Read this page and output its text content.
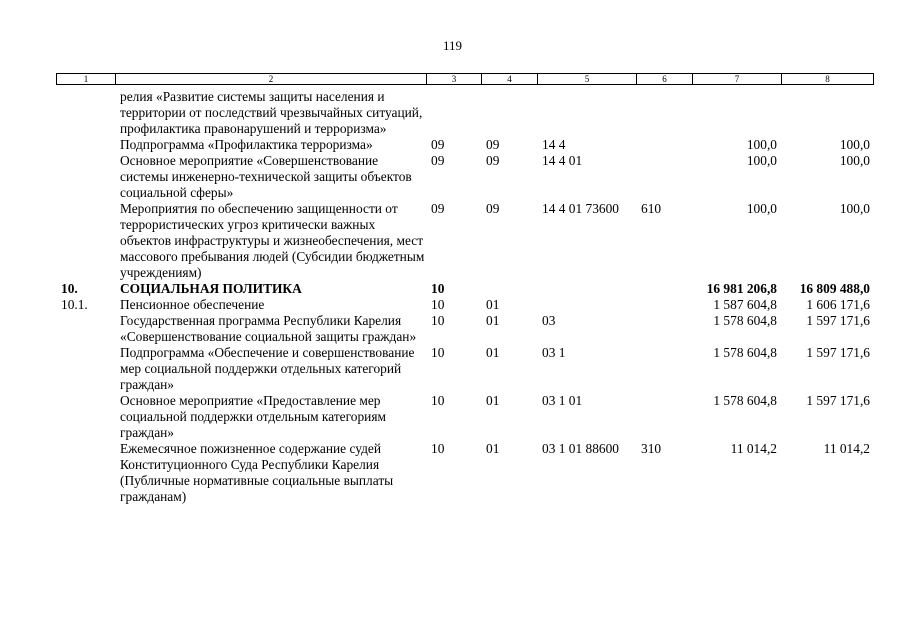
119
1	2	3	4	5	6	7	8
	релия «Развитие системы защиты населения и территории от последствий чрезвычайных ситуаций, профилактика правонарушений и терроризма»						
	Подпрограмма «Профилактика терроризма»	09	09	14 4		100,0	100,0
	Основное мероприятие «Совершенствование системы инженерно-технической защиты объектов социальной сферы»	09	09	14 4 01		100,0	100,0
	Мероприятия по обеспечению защищенности от террористических угроз критически важных объектов инфраструктуры и жизнеобеспечения, мест массового пребывания людей (Субсидии бюджетным учреждениям)	09	09	14 4 01 73600	610	100,0	100,0
10.	СОЦИАЛЬНАЯ ПОЛИТИКА	10				16 981 206,8	16 809 488,0
10.1.	Пенсионное обеспечение	10	01			1 587 604,8	1 606 171,6
	Государственная программа Республики Карелия «Совершенствование социальной защиты граждан»	10	01	03		1 578 604,8	1 597 171,6
	Подпрограмма «Обеспечение и совершенствование мер социальной поддержки отдельных категорий граждан»	10	01	03 1		1 578 604,8	1 597 171,6
	Основное мероприятие «Предоставление мер социальной поддержки отдельным категориям граждан»	10	01	03 1 01		1 578 604,8	1 597 171,6
	Ежемесячное пожизненное содержание судей Конституционного Суда Республики Карелия (Публичные нормативные социальные выплаты гражданам)	10	01	03 1 01 88600	310	11 014,2	11 014,2
